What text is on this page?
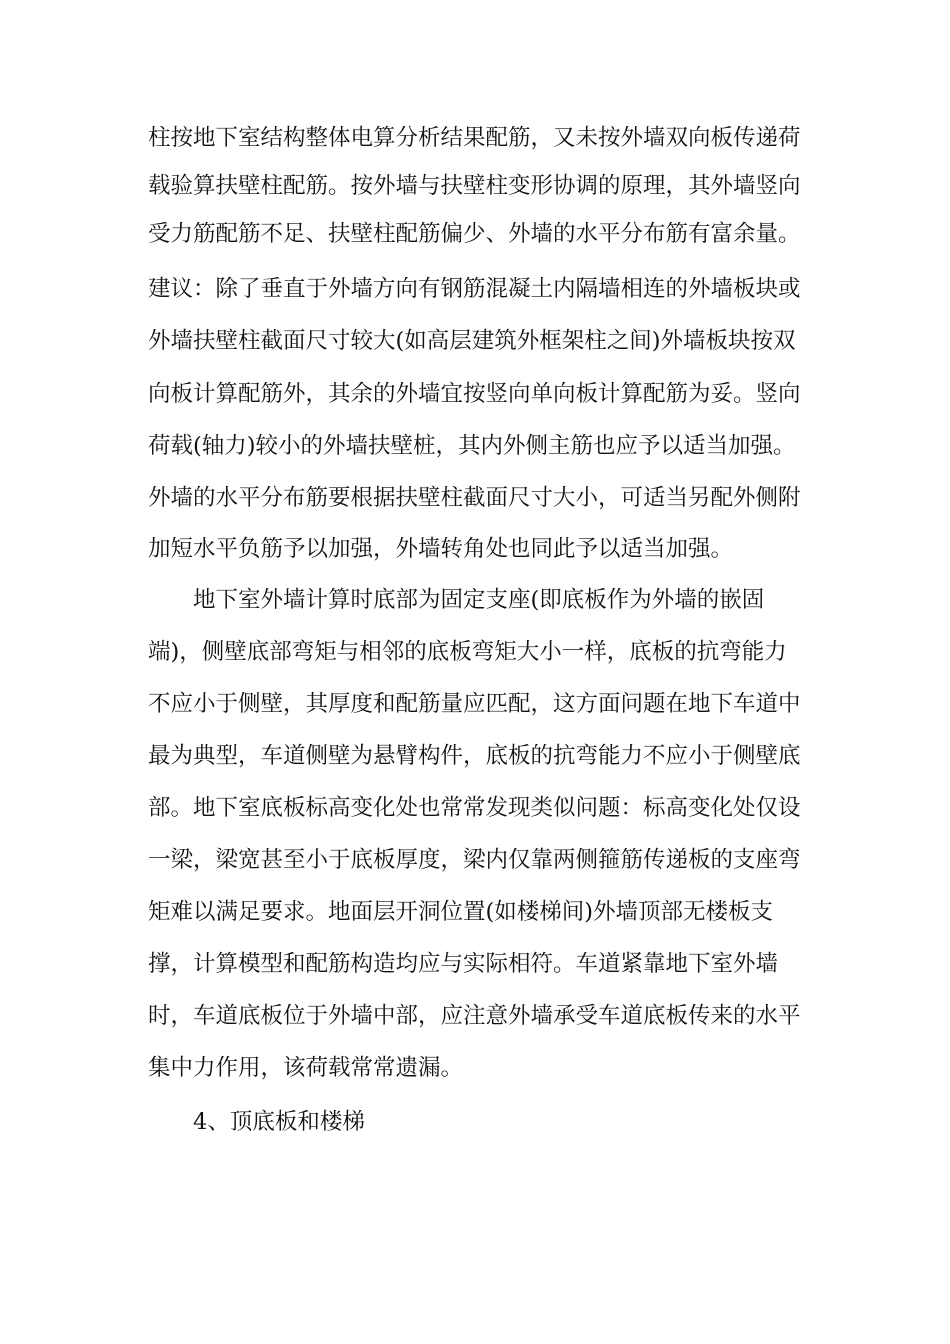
柱按地下室结构整体电算分析结果配筋，又未按外墙双向板传递荷
载验算扶壁柱配筋。按外墙与扶壁柱变形协调的原理，其外墙竖向
受力筋配筋不足、扶壁柱配筋偏少、外墙的水平分布筋有富余量。
建议：除了垂直于外墙方向有钢筋混凝土内隔墙相连的外墙板块或
外墙扶壁柱截面尺寸较大(如高层建筑外框架柱之间)外墙板块按双
向板计算配筋外，其余的外墙宜按竖向单向板计算配筋为妥。竖向
荷载(轴力)较小的外墙扶壁桩，其内外侧主筋也应予以适当加强。
外墙的水平分布筋要根据扶壁柱截面尺寸大小，可适当另配外侧附
加短水平负筋予以加强，外墙转角处也同此予以适当加强。
地下室外墙计算时底部为固定支座(即底板作为外墙的嵌固
端)，侧壁底部弯矩与相邻的底板弯矩大小一样，底板的抗弯能力
不应小于侧壁，其厚度和配筋量应匹配，这方面问题在地下车道中
最为典型，车道侧壁为悬臂构件，底板的抗弯能力不应小于侧壁底
部。地下室底板标高变化处也常常发现类似问题：标高变化处仅设
一梁，梁宽甚至小于底板厚度，梁内仅靠两侧箍筋传递板的支座弯
矩难以满足要求。地面层开洞位置(如楼梯间)外墙顶部无楼板支
撑，计算模型和配筋构造均应与实际相符。车道紧靠地下室外墙
时，车道底板位于外墙中部，应注意外墙承受车道底板传来的水平
集中力作用，该荷载常常遗漏。
4、顶底板和楼梯
